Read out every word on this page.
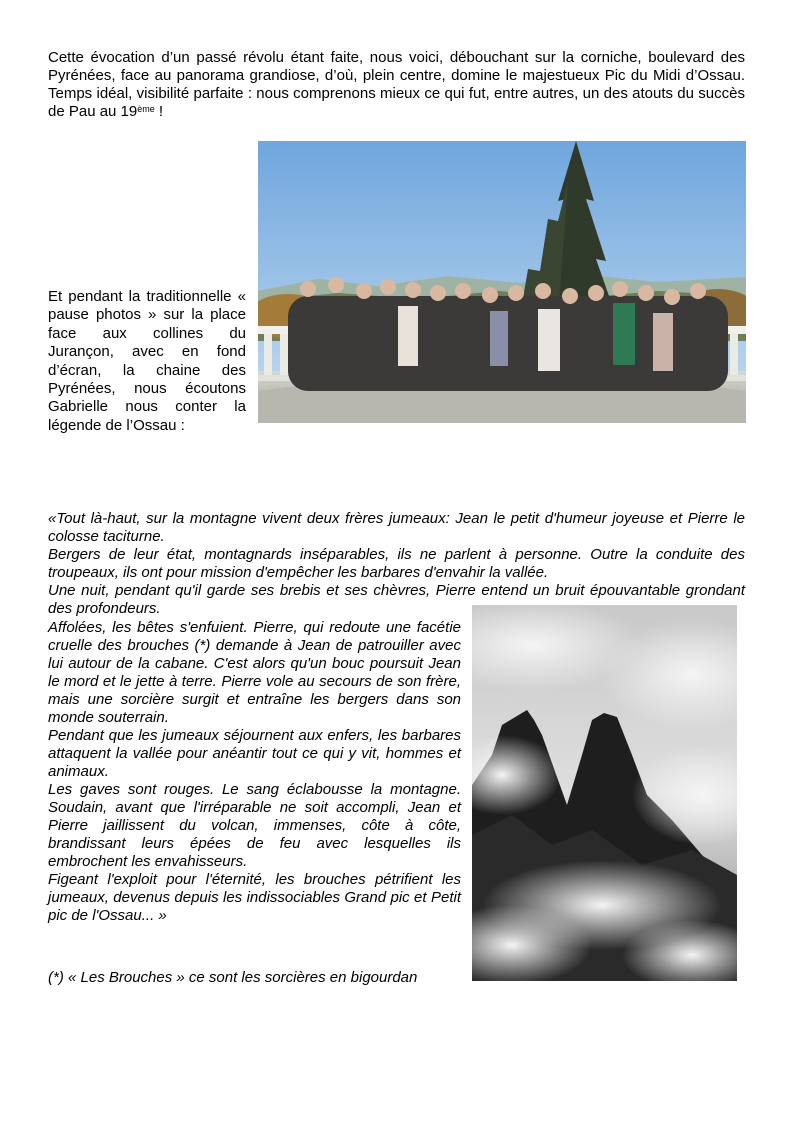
Cette évocation d’un passé révolu étant faite, nous voici, débouchant sur la corniche, boulevard des Pyrénées, face au panorama grandiose, d’où, plein centre, domine le majestueux Pic du Midi d’Ossau. Temps idéal, visibilité parfaite : nous comprenons mieux ce qui fut, entre autres, un des atouts du succès de Pau au 19ème !

Et pendant la traditionnelle « pause photos » sur la place face aux collines du Jurançon, avec en fond d’écran, la chaine des Pyrénées, nous écoutons Gabrielle nous conter la légende de l’Ossau :

«Tout là-haut, sur la montagne vivent deux frères jumeaux: Jean le petit d'humeur joyeuse et Pierre le colosse taciturne.

Bergers de leur état, montagnards inséparables, ils ne parlent à personne. Outre la conduite des troupeaux, ils ont pour mission d'empêcher les barbares d'envahir la vallée.

Une nuit, pendant qu'il garde ses brebis et ses chèvres, Pierre entend un bruit épouvantable grondant des profondeurs.

Affolées, les bêtes s'enfuient. Pierre, qui redoute une facétie cruelle des brouches (*) demande à Jean de patrouiller avec lui autour de la cabane. C'est alors qu'un bouc poursuit Jean le mord et le jette à terre. Pierre vole au secours de son frère, mais une sorcière surgit et entraîne les bergers dans son monde souterrain.

Pendant que les jumeaux séjournent aux enfers, les barbares attaquent la vallée pour anéantir tout ce qui y vit, hommes et animaux.

Les gaves sont rouges. Le sang éclabousse la montagne. Soudain, avant que l'irréparable ne soit accompli, Jean et Pierre jaillissent du volcan, immenses, côte à côte, brandissant leurs épées de feu avec lesquelles ils embrochent les envahisseurs.

Figeant l'exploit pour l'éternité, les brouches pétrifient les jumeaux, devenus depuis les indissociables Grand pic et Petit pic de l'Ossau... »

(*) « Les Brouches » ce sont les sorcières en bigourdan
